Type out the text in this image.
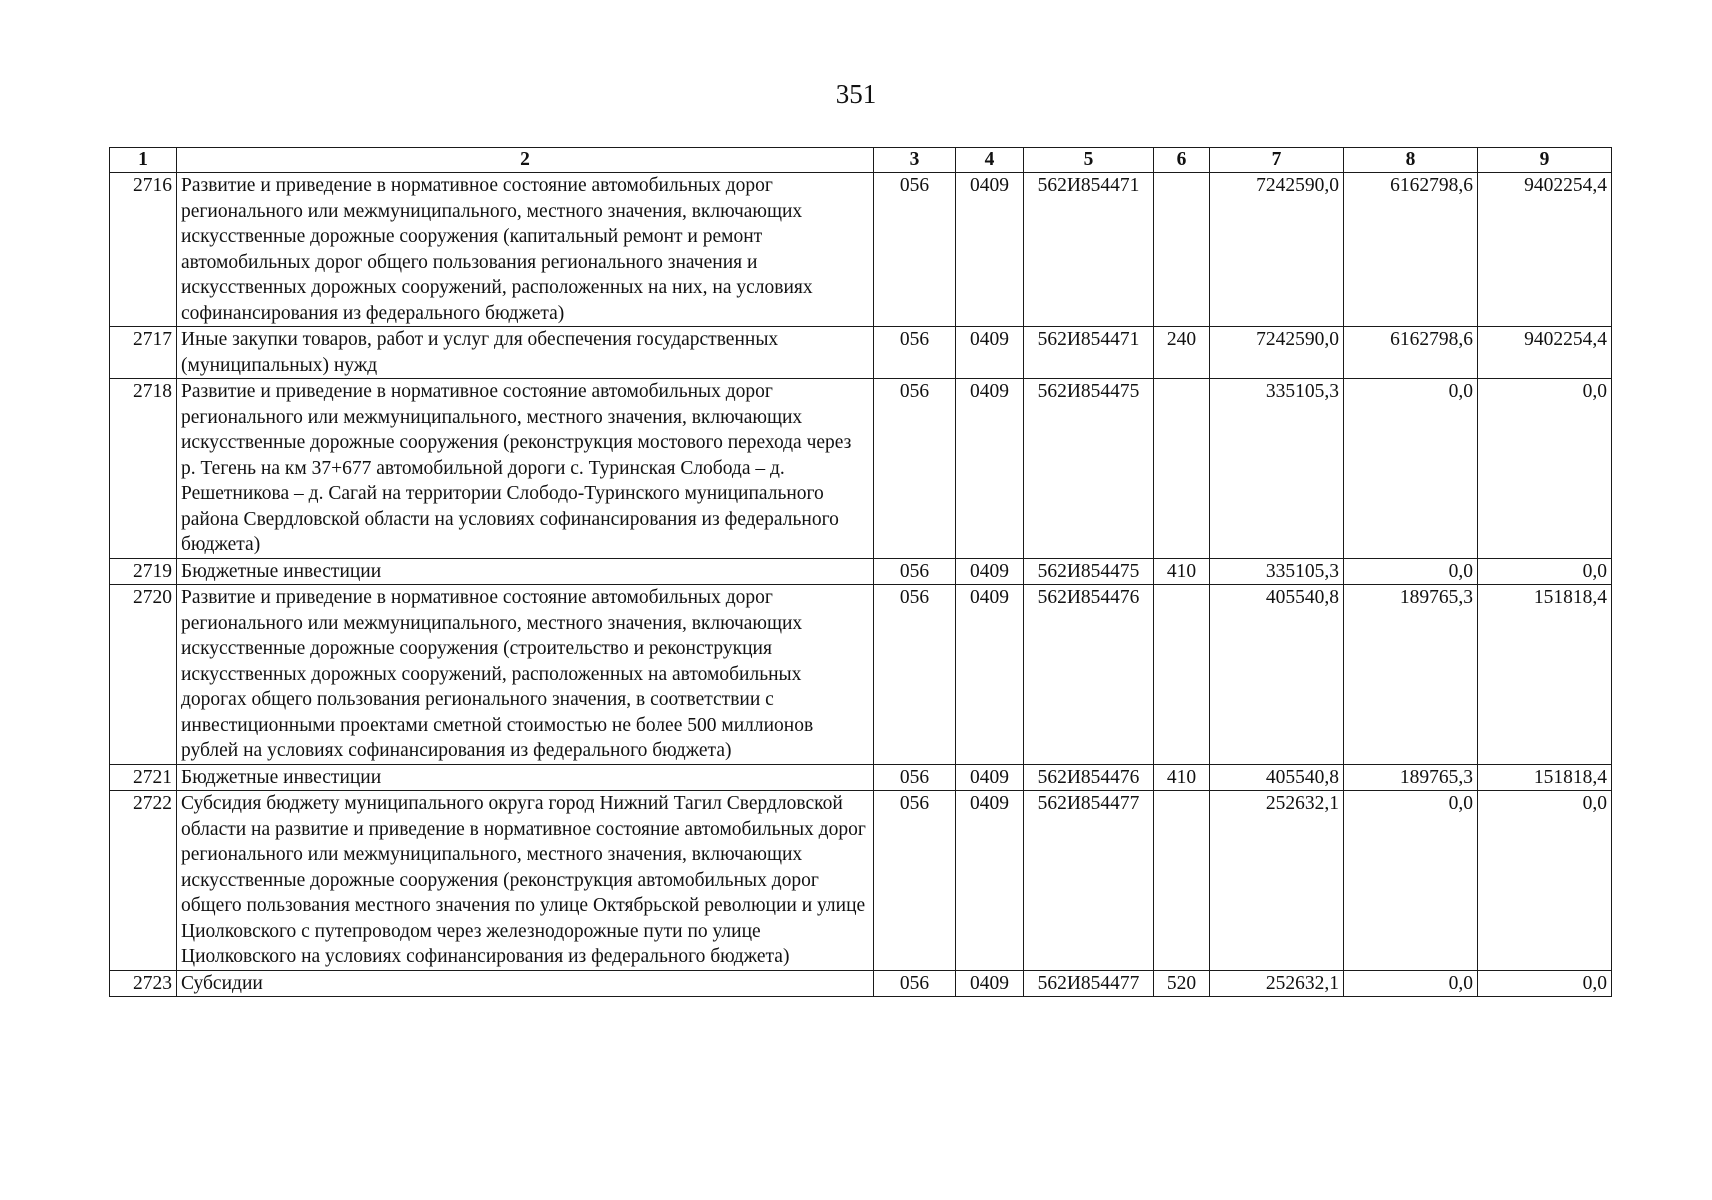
351
1	2	3	4	5	6	7	8	9
2716	Развитие и приведение в нормативное состояние автомобильных дорог регионального или межмуниципального, местного значения, включающих искусственные дорожные сооружения (капитальный ремонт и ремонт автомобильных дорог общего пользования регионального значения и искусственных дорожных сооружений, расположенных на них, на условиях софинансирования из федерального бюджета)	056	0409	562И854471		7242590,0	6162798,6	9402254,4
2717	Иные закупки товаров, работ и услуг для обеспечения государственных (муниципальных) нужд	056	0409	562И854471	240	7242590,0	6162798,6	9402254,4
2718	Развитие и приведение в нормативное состояние автомобильных дорог регионального или межмуниципального, местного значения, включающих искусственные дорожные сооружения (реконструкция мостового перехода через р. Тегень на км 37+677 автомобильной дороги с. Туринская Слобода – д. Решетникова – д. Сагай на территории Слободо-Туринского муниципального района Свердловской области на условиях софинансирования из федерального бюджета)	056	0409	562И854475		335105,3	0,0	0,0
2719	Бюджетные инвестиции	056	0409	562И854475	410	335105,3	0,0	0,0
2720	Развитие и приведение в нормативное состояние автомобильных дорог регионального или межмуниципального, местного значения, включающих искусственные дорожные сооружения (строительство и реконструкция искусственных дорожных сооружений, расположенных на автомобильных дорогах общего пользования регионального значения, в соответствии с инвестиционными проектами сметной стоимостью не более 500 миллионов рублей на условиях софинансирования из федерального бюджета)	056	0409	562И854476		405540,8	189765,3	151818,4
2721	Бюджетные инвестиции	056	0409	562И854476	410	405540,8	189765,3	151818,4
2722	Субсидия бюджету муниципального округа город Нижний Тагил Свердловской области на развитие и приведение в нормативное состояние автомобильных дорог регионального или межмуниципального, местного значения, включающих искусственные дорожные сооружения (реконструкция автомобильных дорог общего пользования местного значения по улице Октябрьской революции и улице Циолковского с путепроводом через железнодорожные пути по улице Циолковского на условиях софинансирования из федерального бюджета)	056	0409	562И854477		252632,1	0,0	0,0
2723	Субсидии	056	0409	562И854477	520	252632,1	0,0	0,0
